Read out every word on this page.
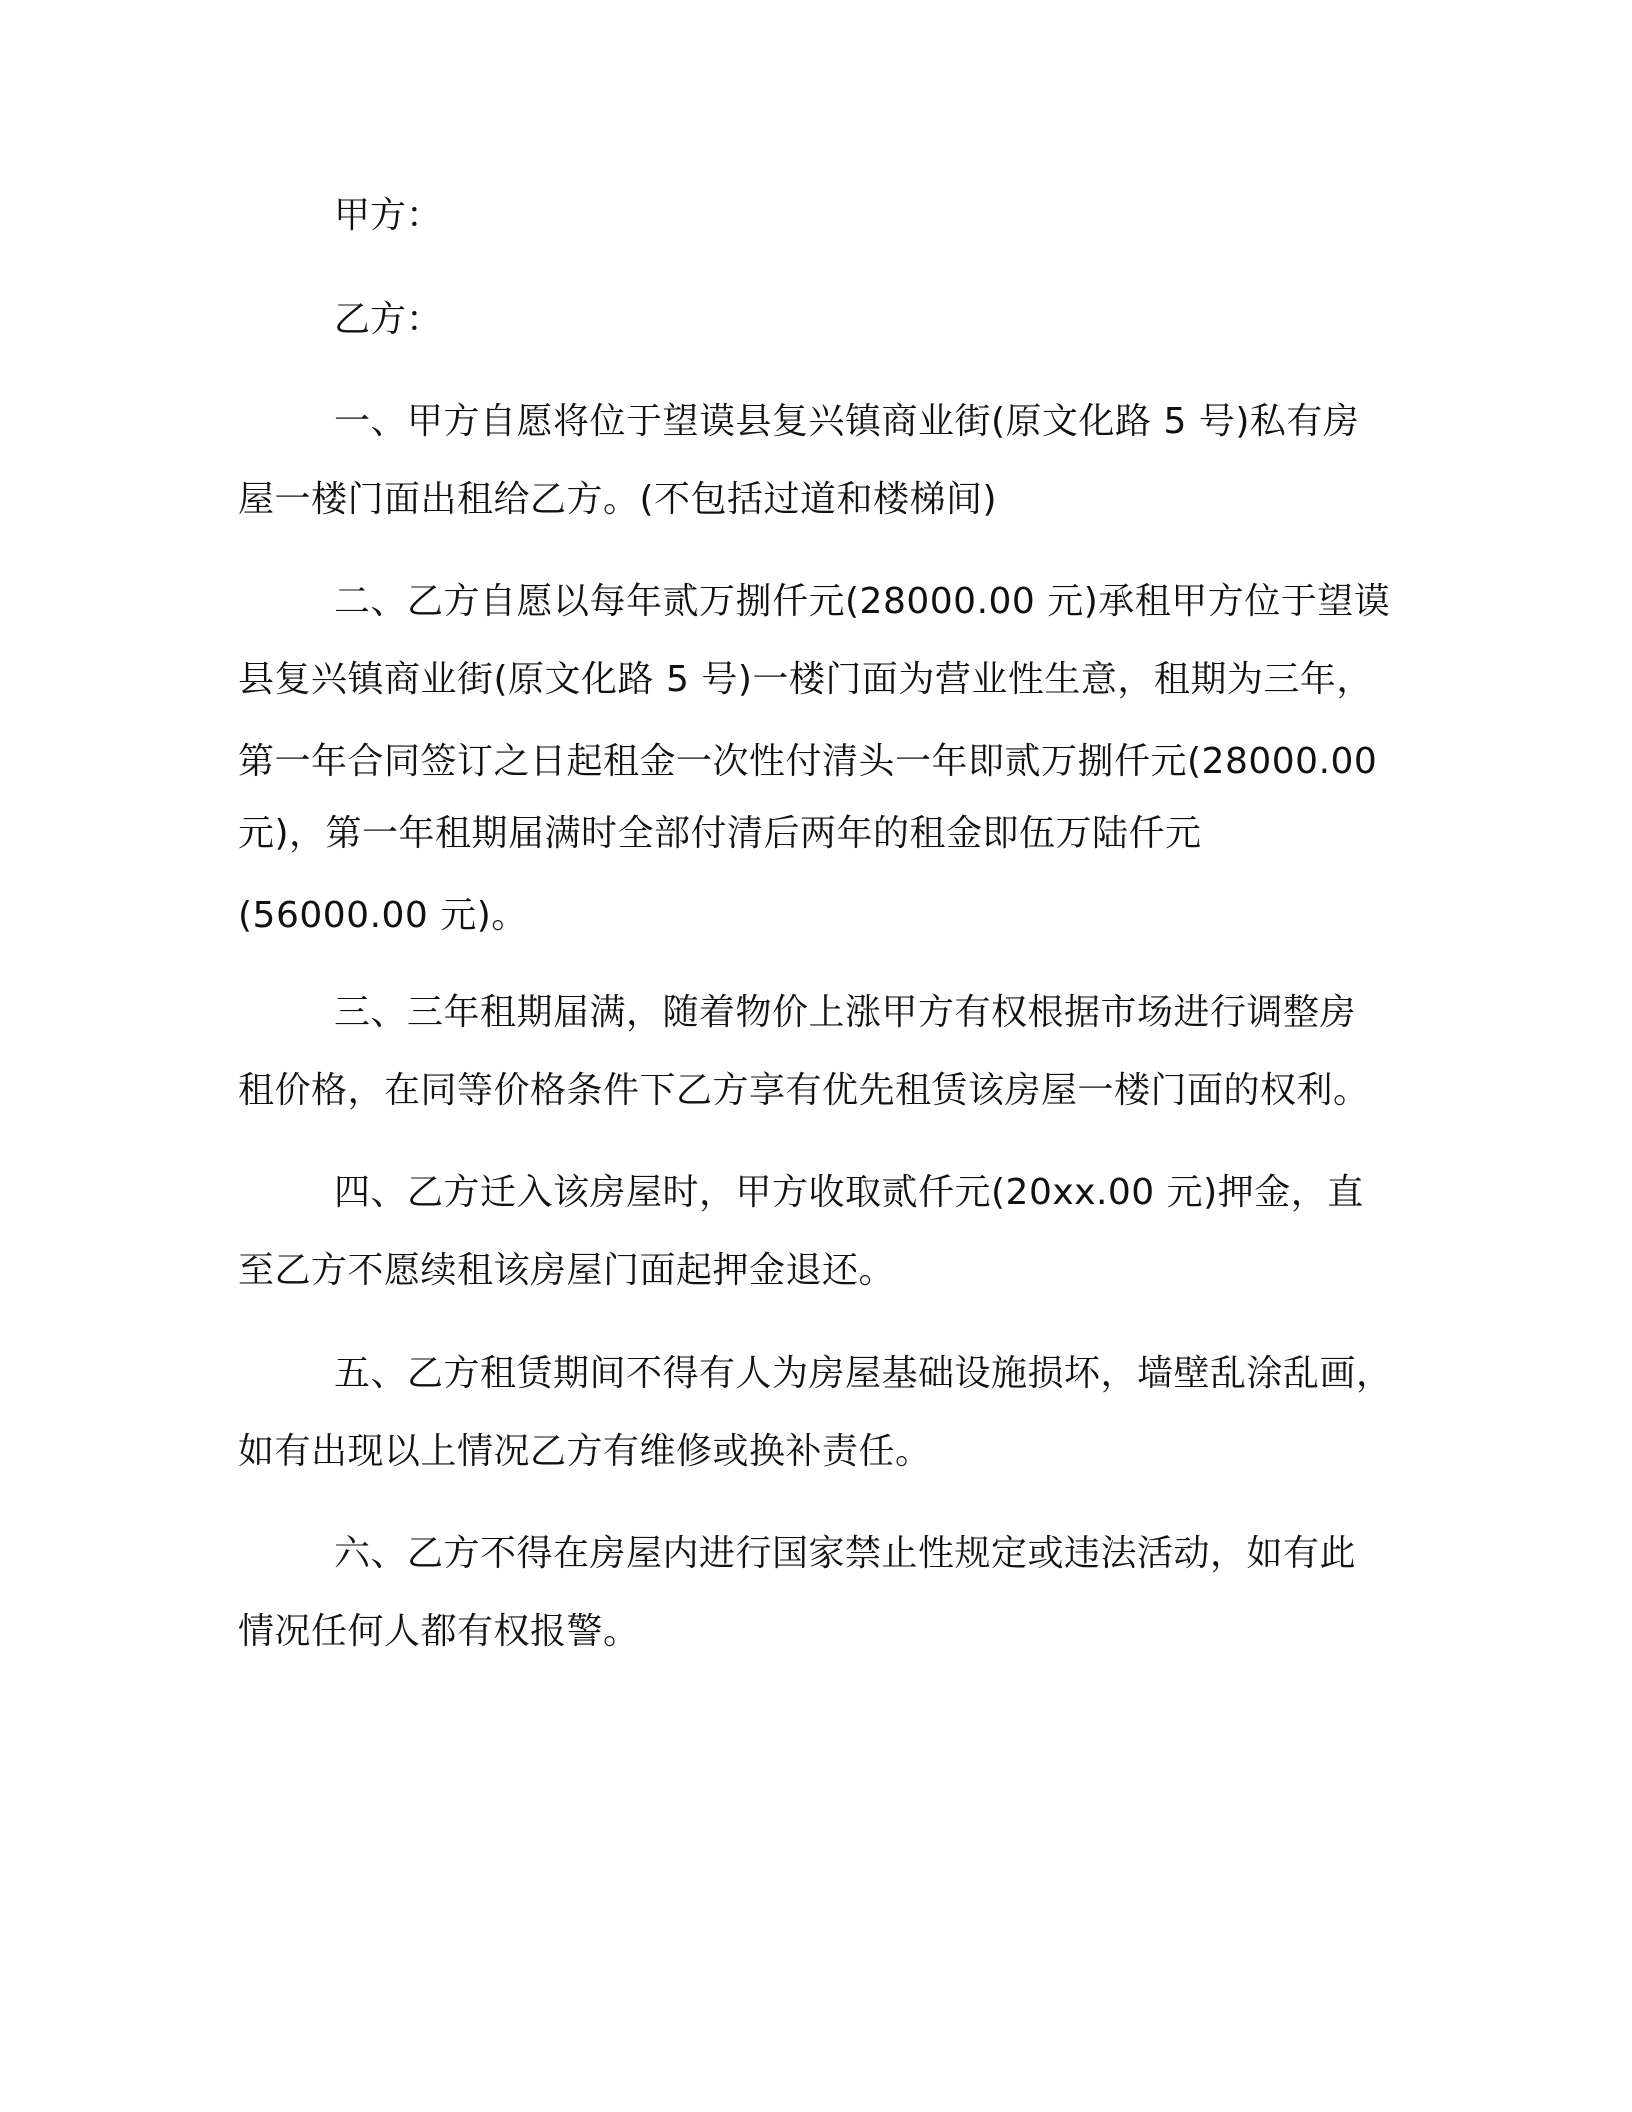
甲方：
乙方：
一、甲方自愿将位于望谟县复兴镇商业街(原文化路 5 号)私有房
屋一楼门面出租给乙方。(不包括过道和楼梯间)
二、乙方自愿以每年贰万捌仟元(28000.00 元)承租甲方位于望谟
县复兴镇商业街(原文化路 5 号)一楼门面为营业性生意，租期为三年，
第一年合同签订之日起租金一次性付清头一年即贰万捌仟元(28000.00
元)，第一年租期届满时全部付清后两年的租金即伍万陆仟元
(56000.00 元)。
三、三年租期届满，随着物价上涨甲方有权根据市场进行调整房
租价格，在同等价格条件下乙方享有优先租赁该房屋一楼门面的权利。
四、乙方迁入该房屋时，甲方收取贰仟元(20xx.00 元)押金，直
至乙方不愿续租该房屋门面起押金退还。
五、乙方租赁期间不得有人为房屋基础设施损坏，墙壁乱涂乱画，
如有出现以上情况乙方有维修或换补责任。
六、乙方不得在房屋内进行国家禁止性规定或违法活动，如有此
情况任何人都有权报警。
